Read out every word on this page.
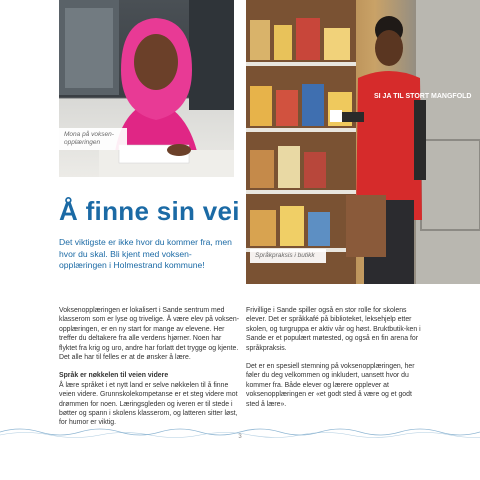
Mona på voksen-opplæringen
SI JA TIL STORT MANGFOLD
Språkpraksis i butikk
Å finne sin vei

Det viktigste er ikke hvor du kommer fra, men hvor du skal. Bli kjent med voksen-opplæringen i Holmestrand kommune!

Voksenopplæringen er lokalisert i Sande sentrum med klasserom som er lyse og trivelige. Å være elev på voksen-opplæringen, er en ny start for mange av elevene. Her treffer du deltakere fra alle verdens hjørner. Noen har flyktet fra krig og uro, andre har forlatt det trygge og kjente. Det alle har til felles er at de ønsker å lære.

Språk er nøkkelen til veien videre

Å lære språket i et nytt land er selve nøkkelen til å finne veien videre. Grunnskolekompetanse er et steg videre mot drømmen for noen. Læringsgleden og iveren er til stede i bøtter og spann i skolens klasserom, og latteren sitter løst, for humor er viktig.

Frivillige i Sande spiller også en stor rolle for skolens elever. Det er språkkafé på biblioteket, leksehjelp etter skolen, og turgruppa er aktiv vår og høst. Bruktbutik-ken i Sande er et populært møtested, og også en fin arena for språkpraksis.

Det er en spesiell stemning på voksenopplæringen, her føler du deg velkommen og inkludert, uansett hvor du kommer fra. Både elever og lærere opplever at voksenopplæringen er «et godt sted å være og et godt sted å lære».

3
